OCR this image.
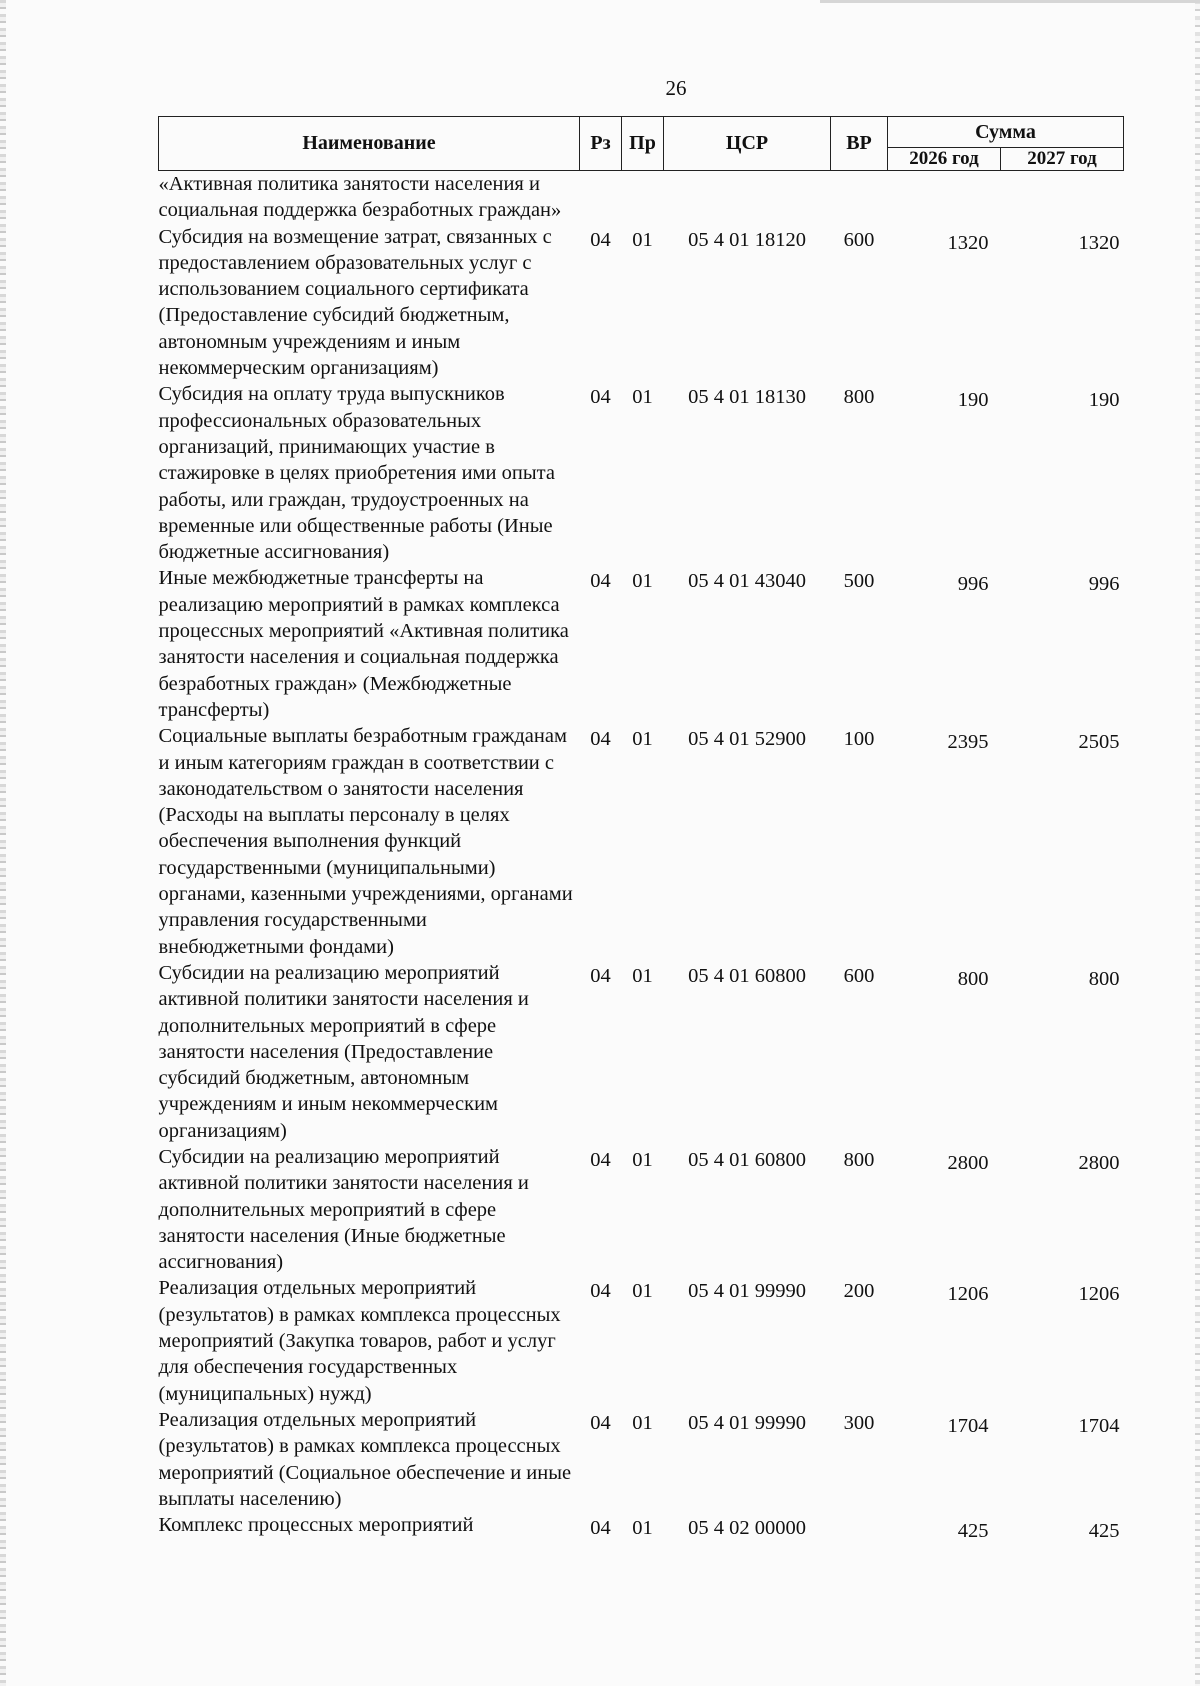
26
Наименование	Рз	Пр	ЦСР	ВР	Сумма	
					2026 год	2027 год
«Активная политика занятости населения и социальная поддержка безработных граждан»						
Субсидия на возмещение затрат, связанных с предоставлением образовательных услуг с использованием социального сертификата (Предоставление субсидий бюджетным, автономным учреждениям и иным некоммерческим организациям)	04	01	05 4 01 18120	600	1320	1320
Субсидия на оплату труда выпускников профессиональных образовательных организаций, принимающих участие в стажировке в целях приобретения ими опыта работы, или граждан, трудоустроенных на временные или общественные работы (Иные бюджетные ассигнования)	04	01	05 4 01 18130	800	190	190
Иные межбюджетные трансферты на реализацию мероприятий в рамках комплекса процессных мероприятий «Активная политика занятости населения и социальная поддержка безработных граждан» (Межбюджетные трансферты)	04	01	05 4 01 43040	500	996	996
Социальные выплаты безработным гражданам и иным категориям граждан в соответствии с законодательством о занятости населения (Расходы на выплаты персоналу в целях обеспечения выполнения функций государственными (муниципальными) органами, казенными учреждениями, органами управления государственными внебюджетными фондами)	04	01	05 4 01 52900	100	2395	2505
Субсидии на реализацию мероприятий активной политики занятости населения и дополнительных мероприятий в сфере занятости населения (Предоставление субсидий бюджетным, автономным учреждениям и иным некоммерческим организациям)	04	01	05 4 01 60800	600	800	800
Субсидии на реализацию мероприятий активной политики занятости населения и дополнительных мероприятий в сфере занятости населения (Иные бюджетные ассигнования)	04	01	05 4 01 60800	800	2800	2800
Реализация отдельных мероприятий (результатов) в рамках комплекса процессных мероприятий (Закупка товаров, работ и услуг для обеспечения государственных (муниципальных) нужд)	04	01	05 4 01 99990	200	1206	1206
Реализация отдельных мероприятий (результатов) в рамках комплекса процессных мероприятий (Социальное обеспечение и иные выплаты населению)	04	01	05 4 01 99990	300	1704	1704
Комплекс процессных мероприятий	04	01	05 4 02 00000		425	425
